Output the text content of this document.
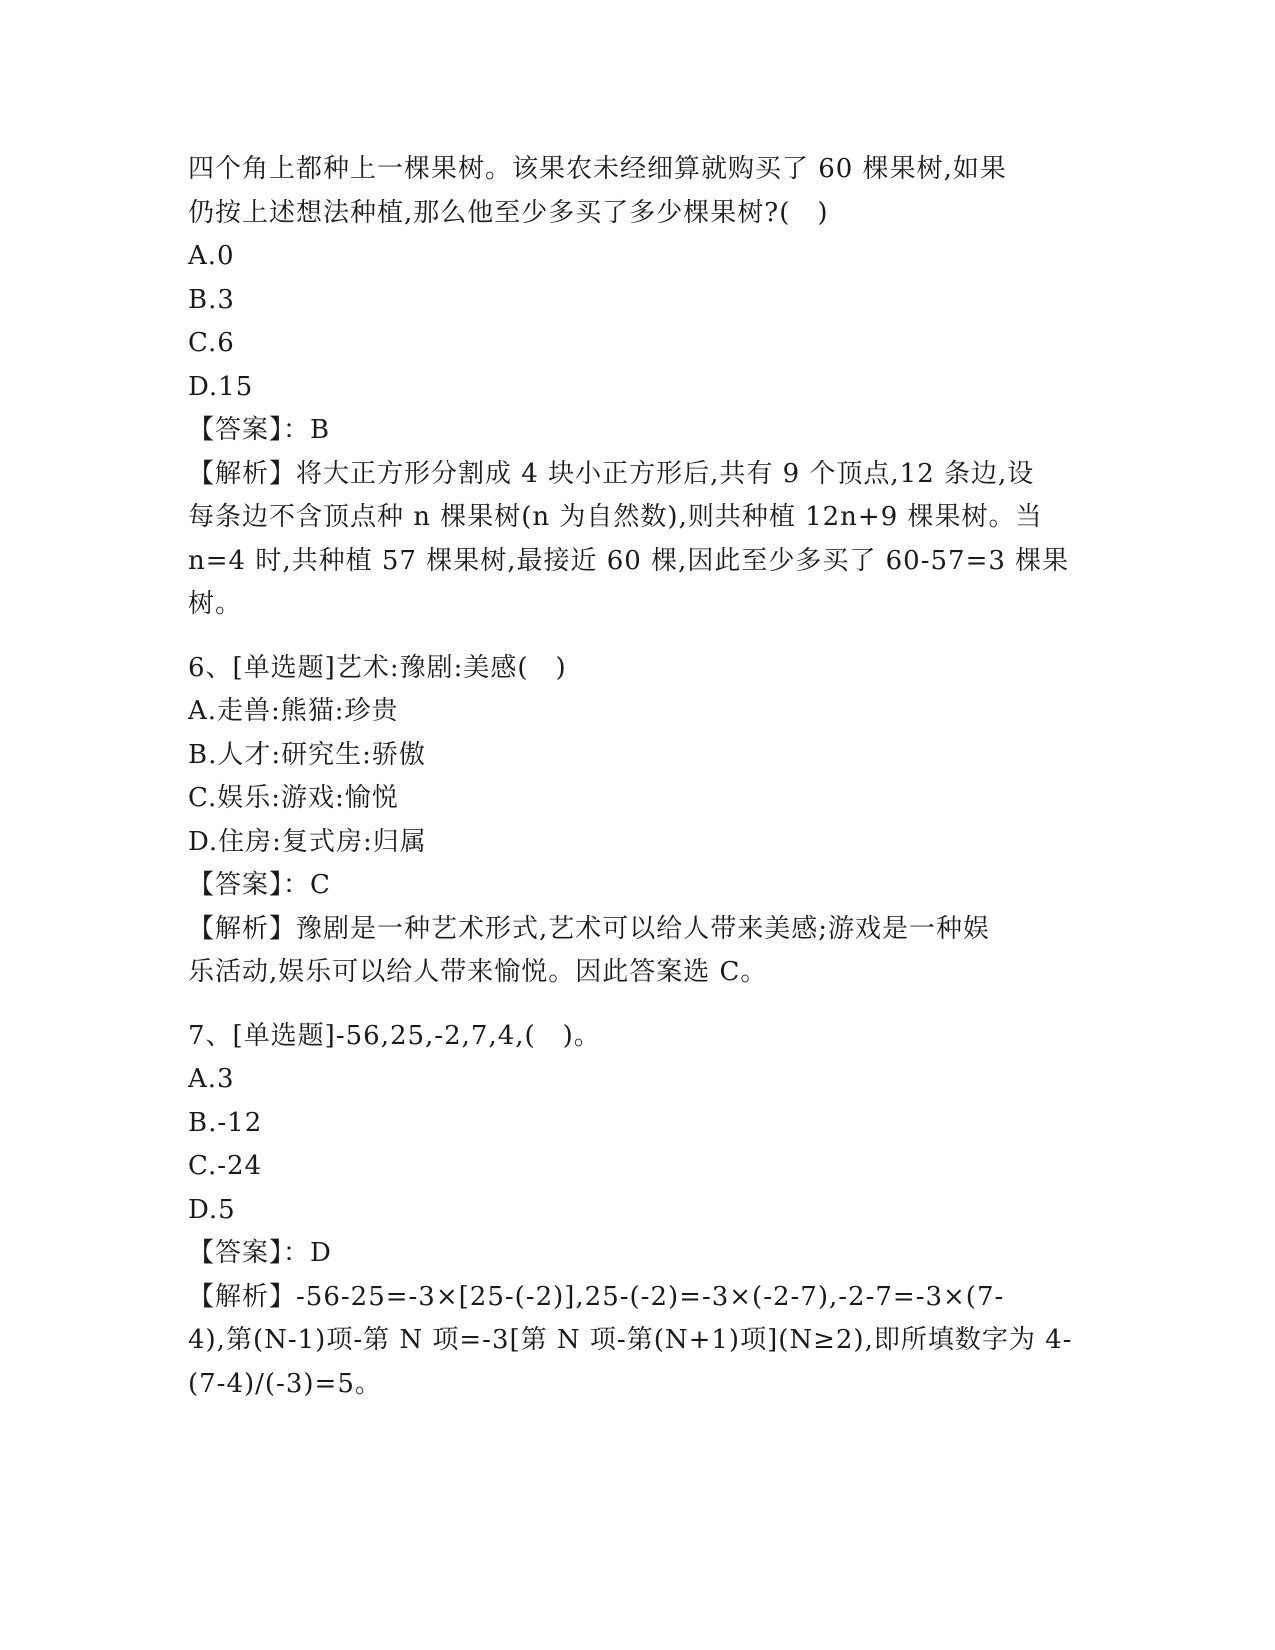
四个角上都种上一棵果树。该果农未经细算就购买了 60 棵果树,如果
仍按上述想法种植,那么他至少多买了多少棵果树?(　)
A.0
B.3
C.6
D.15
【答案】：B
【解析】将大正方形分割成 4 块小正方形后,共有 9 个顶点,12 条边,设
每条边不含顶点种 n 棵果树(n 为自然数),则共种植 12n+9 棵果树。当
n=4 时,共种植 57 棵果树,最接近 60 棵,因此至少多买了 60-57=3 棵果
树。
6、[单选题]艺术:豫剧:美感(　)
A.走兽:熊猫:珍贵
B.人才:研究生:骄傲
C.娱乐:游戏:愉悦
D.住房:复式房:归属
【答案】：C
【解析】豫剧是一种艺术形式,艺术可以给人带来美感;游戏是一种娱
乐活动,娱乐可以给人带来愉悦。因此答案选 C。
7、[单选题]-56,25,-2,7,4,(　)。
A.3
B.-12
C.-24
D.5
【答案】：D
【解析】-56-25=-3×[25-(-2)],25-(-2)=-3×(-2-7),-2-7=-3×(7-
4),第(N-1)项-第 N 项=-3[第 N 项-第(N+1)项](N≥2),即所填数字为 4-
(7-4)/(-3)=5。
